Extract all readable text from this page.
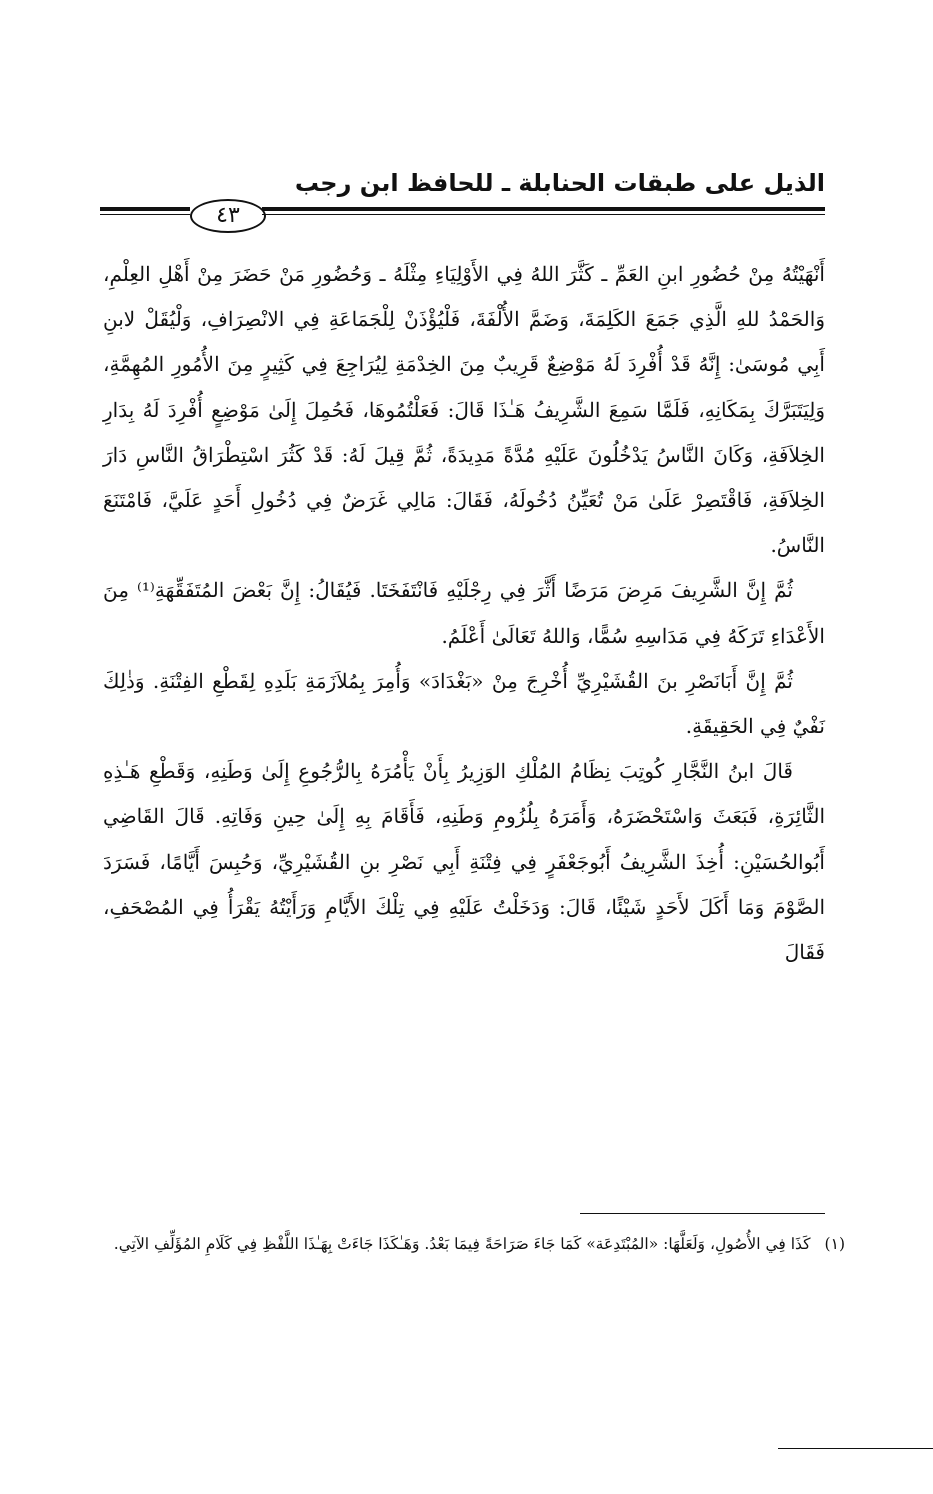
الذيل على طبقات الحنابلة ـ للحافظ ابن رجب
٤٣

أَنْهَيْتُهُ مِنْ حُضُورِ ابنِ العَمِّ ـ كَثَّرَ اللهُ فِي الأَوْلِيَاءِ مِثْلَهُ ـ وَحُضُورِ مَنْ حَضَرَ مِنْ أَهْلِ العِلْمِ، وَالحَمْدُ للهِ الَّذِي جَمَعَ الكَلِمَةَ، وَضَمَّ الأُلْفَةَ، فَلْيُؤْذَنْ لِلْجَمَاعَةِ فِي الانْصِرَافِ، وَلْيُقَلْ لابنِ أَبِي مُوسَىٰ: إِنَّهُ قَدْ أُفْرِدَ لَهُ مَوْضِعٌ قَرِيبٌ مِنَ الخِدْمَةِ لِيُرَاجِعَ فِي كَثِيرٍ مِنَ الأُمُورِ المُهِمَّةِ، وَلِيَتَبَرَّكَ بِمَكَانِهِ، فَلَمَّا سَمِعَ الشَّرِيفُ هَـٰذَا قَالَ: فَعَلْتُمُوهَا، فَحُمِلَ إِلَىٰ مَوْضِعٍ أُفْرِدَ لَهُ بِدَارِ الخِلاَفَةِ، وَكَانَ النَّاسُ يَدْخُلُونَ عَلَيْهِ مُدَّةً مَدِيدَةً، ثُمَّ قِيلَ لَهُ: قَدْ كَثُرَ اسْتِطْرَاقُ النَّاسِ دَارَ الخِلاَفَةِ، فَاقْتَصِرْ عَلَىٰ مَنْ تُعَيِّنُ دُخُولَهُ، فَقَالَ: مَالِي غَرَضٌ فِي دُخُولِ أَحَدٍ عَلَيَّ، فَامْتَنَعَ النَّاسُ.

ثُمَّ إِنَّ الشَّرِيفَ مَرِضَ مَرَضًا أَثَّرَ فِي رِجْلَيْهِ فَانْتَفَخَتَا. فَيُقَالُ: إِنَّ بَعْضَ المُتَفَقِّهَةِ⁽¹⁾ مِنَ الأَعْدَاءِ تَرَكَهُ فِي مَدَاسِهِ سُمًّا، وَاللهُ تَعَالَىٰ أَعْلَمُ.

ثُمَّ إِنَّ أَبَانَصْرِ بنَ القُشَيْرِيِّ أُخْرِجَ مِنْ «بَغْدَادَ» وَأُمِرَ بِمُلاَزَمَةِ بَلَدِهِ لِقَطْعِ الفِتْنَةِ. وَذٰلِكَ نَفْيٌ فِي الحَقِيقَةِ.

قَالَ ابنُ النَّجَّارِ كُوتِبَ نِظَامُ المُلْكِ الوَزِيرُ بِأَنْ يَأْمُرَهُ بِالرُّجُوعِ إِلَىٰ وَطَنِهِ، وَقَطْعِ هَـٰذِهِ الثَّائِرَةِ، فَبَعَثَ وَاسْتَحْضَرَهُ، وَأَمَرَهُ بِلُزُومِ وَطَنِهِ، فَأَقَامَ بِهِ إِلَىٰ حِينِ وَفَاتِهِ. قَالَ القَاضِي أَبُوالحُسَيْنِ: أُخِذَ الشَّرِيفُ أَبُوجَعْفَرٍ فِي فِتْنَةِ أَبِي نَصْرِ بنِ القُشَيْرِيِّ، وَحُبِسَ أَيَّامًا، فَسَرَدَ الصَّوْمَ وَمَا أَكَلَ لأَحَدٍ شَيْئًا، قَالَ: وَدَخَلْتُ عَلَيْهِ فِي تِلْكَ الأَيَّامِ وَرَأَيْتُهُ يَقْرَأُ فِي المُصْحَفِ، فَقَالَ

(١)كَذَا فِي الأُصُولِ، وَلَعَلَّهَا: «المُبْتَدِعَة» كَمَا جَاءَ صَرَاحَةً فِيمَا بَعْدُ. وَهَـٰكَذَا جَاءَتْ بِهَـٰذَا اللَّفْظِ فِي كَلَامِ المُؤَلِّفِ الآتِي.
